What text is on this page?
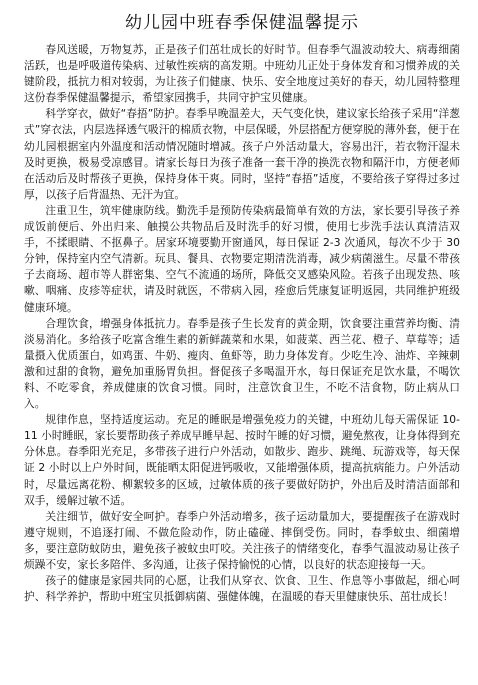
幼儿园中班春季保健温馨提示

春风送暖，万物复苏，正是孩子们茁壮成长的好时节。但春季气温波动较大、病毒细菌活跃，也是呼吸道传染病、过敏性疾病的高发期。中班幼儿正处于身体发育和习惯养成的关键阶段，抵抗力相对较弱，为让孩子们健康、快乐、安全地度过美好的春天，幼儿园特整理这份春季保健温馨提示，希望家园携手，共同守护宝贝健康。

科学穿衣，做好“春捂”防护。春季早晚温差大，天气变化快，建议家长给孩子采用“洋葱式”穿衣法，内层选择透气吸汗的棉质衣物，中层保暖，外层搭配方便穿脱的薄外套，便于在幼儿园根据室内外温度和活动情况随时增减。孩子户外活动量大，容易出汗，若衣物汗湿未及时更换，极易受凉感冒。请家长每日为孩子准备一套干净的换洗衣物和隔汗巾，方便老师在活动后及时帮孩子更换，保持身体干爽。同时，坚持“春捂”适度，不要给孩子穿得过多过厚，以孩子后背温热、无汗为宜。

注重卫生，筑牢健康防线。勤洗手是预防传染病最简单有效的方法，家长要引导孩子养成饭前便后、外出归来、触摸公共物品后及时洗手的好习惯，使用七步洗手法认真清洁双手，不揉眼睛、不抠鼻子。居家环境要勤开窗通风，每日保证 2-3 次通风，每次不少于 30 分钟，保持室内空气清新。玩具、餐具、衣物要定期清洗消毒，减少病菌滋生。尽量不带孩子去商场、超市等人群密集、空气不流通的场所，降低交叉感染风险。若孩子出现发热、咳嗽、咽痛、皮疹等症状，请及时就医，不带病入园，痊愈后凭康复证明返园，共同维护班级健康环境。

合理饮食，增强身体抵抗力。春季是孩子生长发育的黄金期，饮食要注重营养均衡、清淡易消化。多给孩子吃富含维生素的新鲜蔬菜和水果，如菠菜、西兰花、橙子、草莓等；适量摄入优质蛋白，如鸡蛋、牛奶、瘦肉、鱼虾等，助力身体发育。少吃生冷、油炸、辛辣刺激和过甜的食物，避免加重肠胃负担。督促孩子多喝温开水，每日保证充足饮水量，不喝饮料、不吃零食，养成健康的饮食习惯。同时，注意饮食卫生，不吃不洁食物，防止病从口入。

规律作息，坚持适度运动。充足的睡眠是增强免疫力的关键，中班幼儿每天需保证 10-11 小时睡眠，家长要帮助孩子养成早睡早起、按时午睡的好习惯，避免熬夜，让身体得到充分休息。春季阳光充足，多带孩子进行户外活动，如散步、跑步、跳绳、玩游戏等，每天保证 2 小时以上户外时间，既能晒太阳促进钙吸收，又能增强体质，提高抗病能力。户外活动时，尽量远离花粉、柳絮较多的区域，过敏体质的孩子要做好防护，外出后及时清洁面部和双手，缓解过敏不适。

关注细节，做好安全呵护。春季户外活动增多，孩子运动量加大，要提醒孩子在游戏时遵守规则，不追逐打闹、不做危险动作，防止磕碰、摔倒受伤。同时，春季蚊虫、细菌增多，要注意防蚊防虫，避免孩子被蚊虫叮咬。关注孩子的情绪变化，春季气温波动易让孩子烦躁不安，家长多陪伴、多沟通，让孩子保持愉悦的心情，以良好的状态迎接每一天。

孩子的健康是家园共同的心愿，让我们从穿衣、饮食、卫生、作息等小事做起，细心呵护、科学养护，帮助中班宝贝抵御病菌、强健体魄，在温暖的春天里健康快乐、茁壮成长！
